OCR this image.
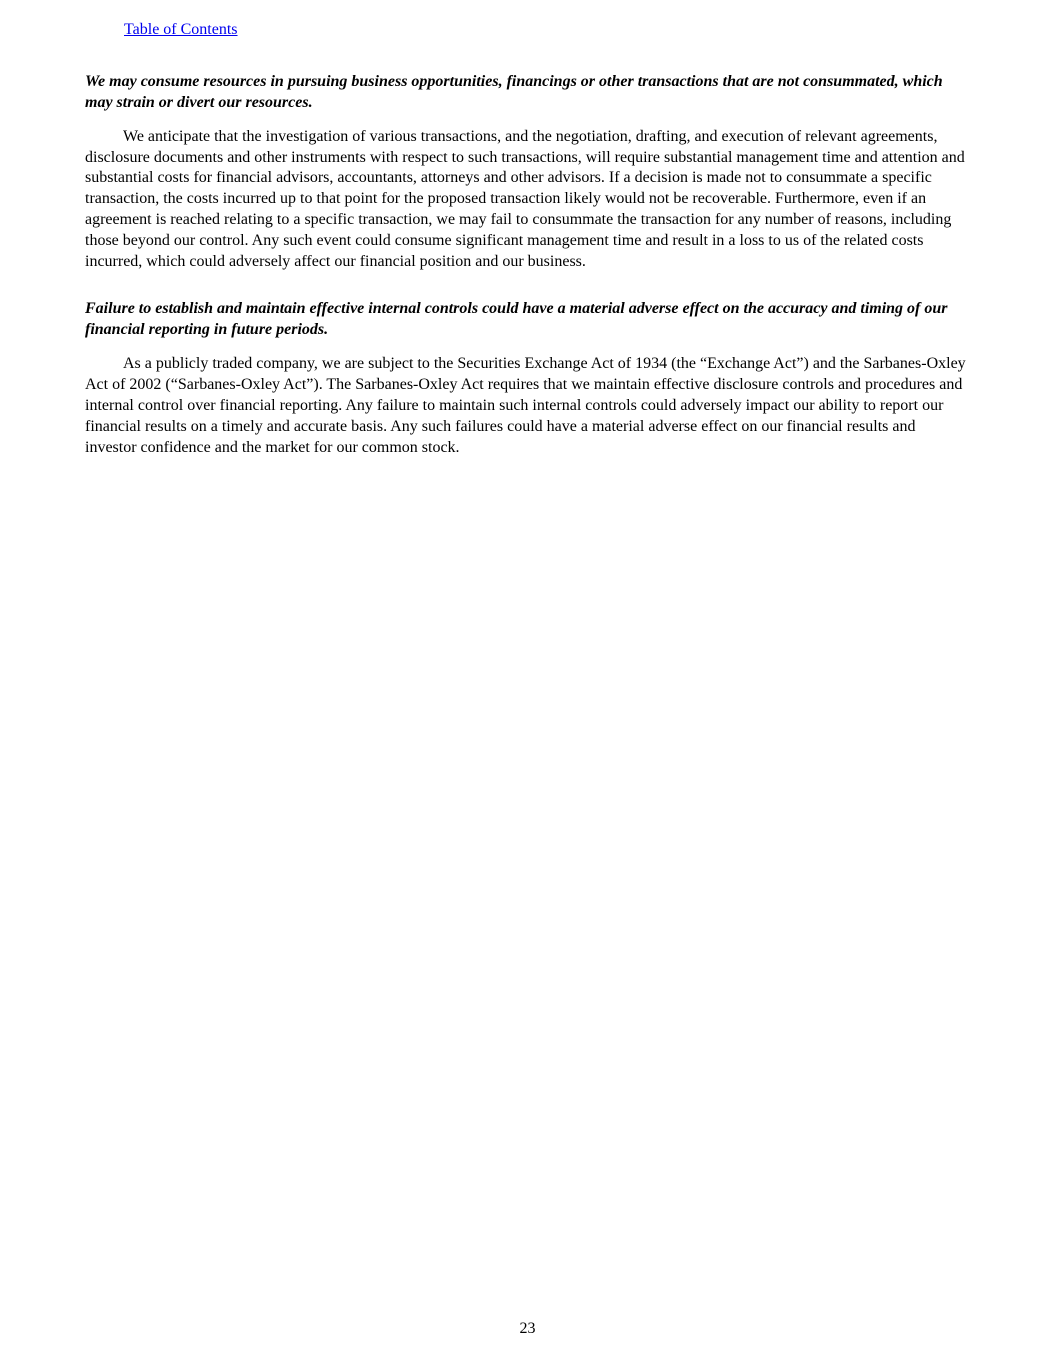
Table of Contents
We may consume resources in pursuing business opportunities, financings or other transactions that are not consummated, which may strain or divert our resources.

We anticipate that the investigation of various transactions, and the negotiation, drafting, and execution of relevant agreements, disclosure documents and other instruments with respect to such transactions, will require substantial management time and attention and substantial costs for financial advisors, accountants, attorneys and other advisors. If a decision is made not to consummate a specific transaction, the costs incurred up to that point for the proposed transaction likely would not be recoverable. Furthermore, even if an agreement is reached relating to a specific transaction, we may fail to consummate the transaction for any number of reasons, including those beyond our control. Any such event could consume significant management time and result in a loss to us of the related costs incurred, which could adversely affect our financial position and our business.

Failure to establish and maintain effective internal controls could have a material adverse effect on the accuracy and timing of our financial reporting in future periods.

As a publicly traded company, we are subject to the Securities Exchange Act of 1934 (the “Exchange Act”) and the Sarbanes-Oxley Act of 2002 (“Sarbanes-Oxley Act”). The Sarbanes-Oxley Act requires that we maintain effective disclosure controls and procedures and internal control over financial reporting. Any failure to maintain such internal controls could adversely impact our ability to report our financial results on a timely and accurate basis. Any such failures could have a material adverse effect on our financial results and investor confidence and the market for our common stock.

23
